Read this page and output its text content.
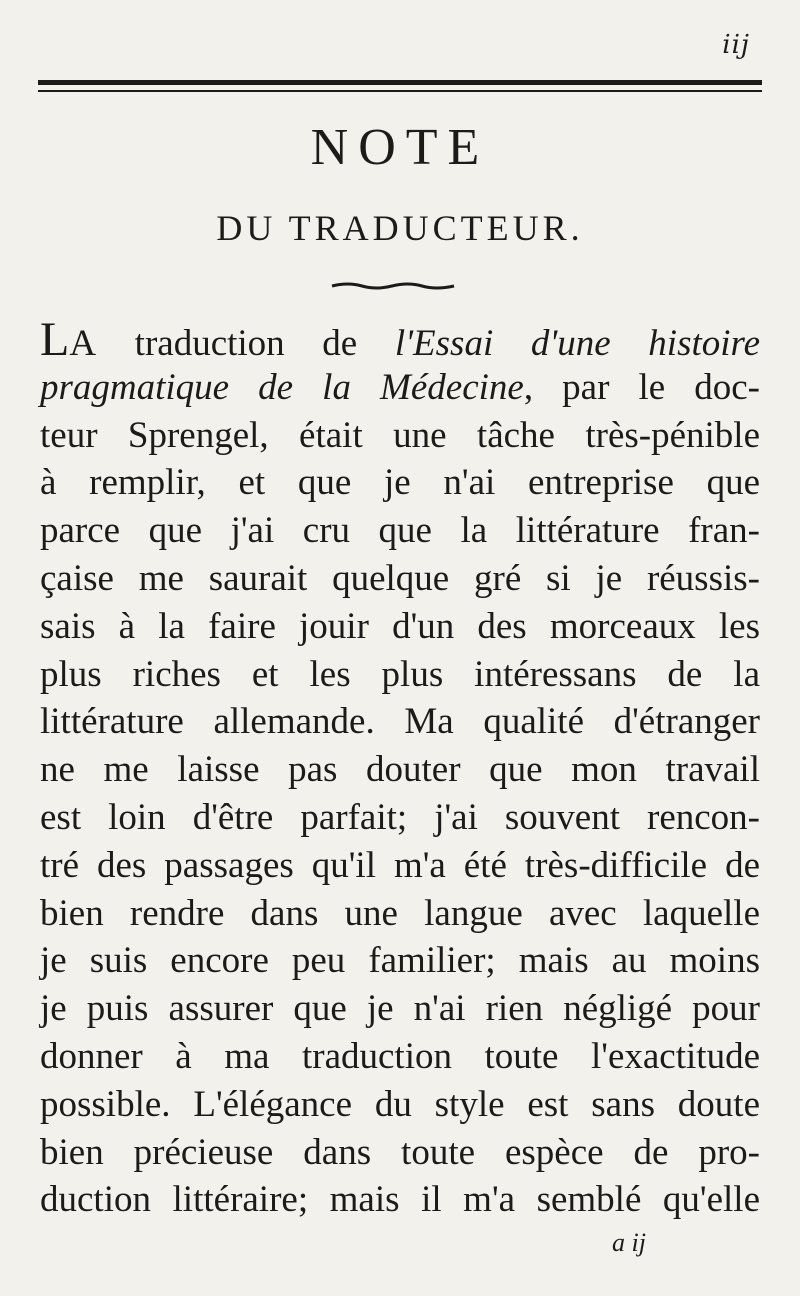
iij
NOTE
DU TRADUCTEUR.
LA traduction de l'Essai d'une histoire
pragmatique de la Médecine, par le doc-
teur Sprengel, était une tâche très-pénible
à remplir, et que je n'ai entreprise que
parce que j'ai cru que la littérature fran-
çaise me saurait quelque gré si je réussis-
sais à la faire jouir d'un des morceaux les
plus riches et les plus intéressans de la
littérature allemande. Ma qualité d'étranger
ne me laisse pas douter que mon travail
est loin d'être parfait; j'ai souvent rencon-
tré des passages qu'il m'a été très-difficile de
bien rendre dans une langue avec laquelle
je suis encore peu familier; mais au moins
je puis assurer que je n'ai rien négligé pour
donner à ma traduction toute l'exactitude
possible. L'élégance du style est sans doute
bien précieuse dans toute espèce de pro-
duction littéraire; mais il m'a semblé qu'elle
a ij
